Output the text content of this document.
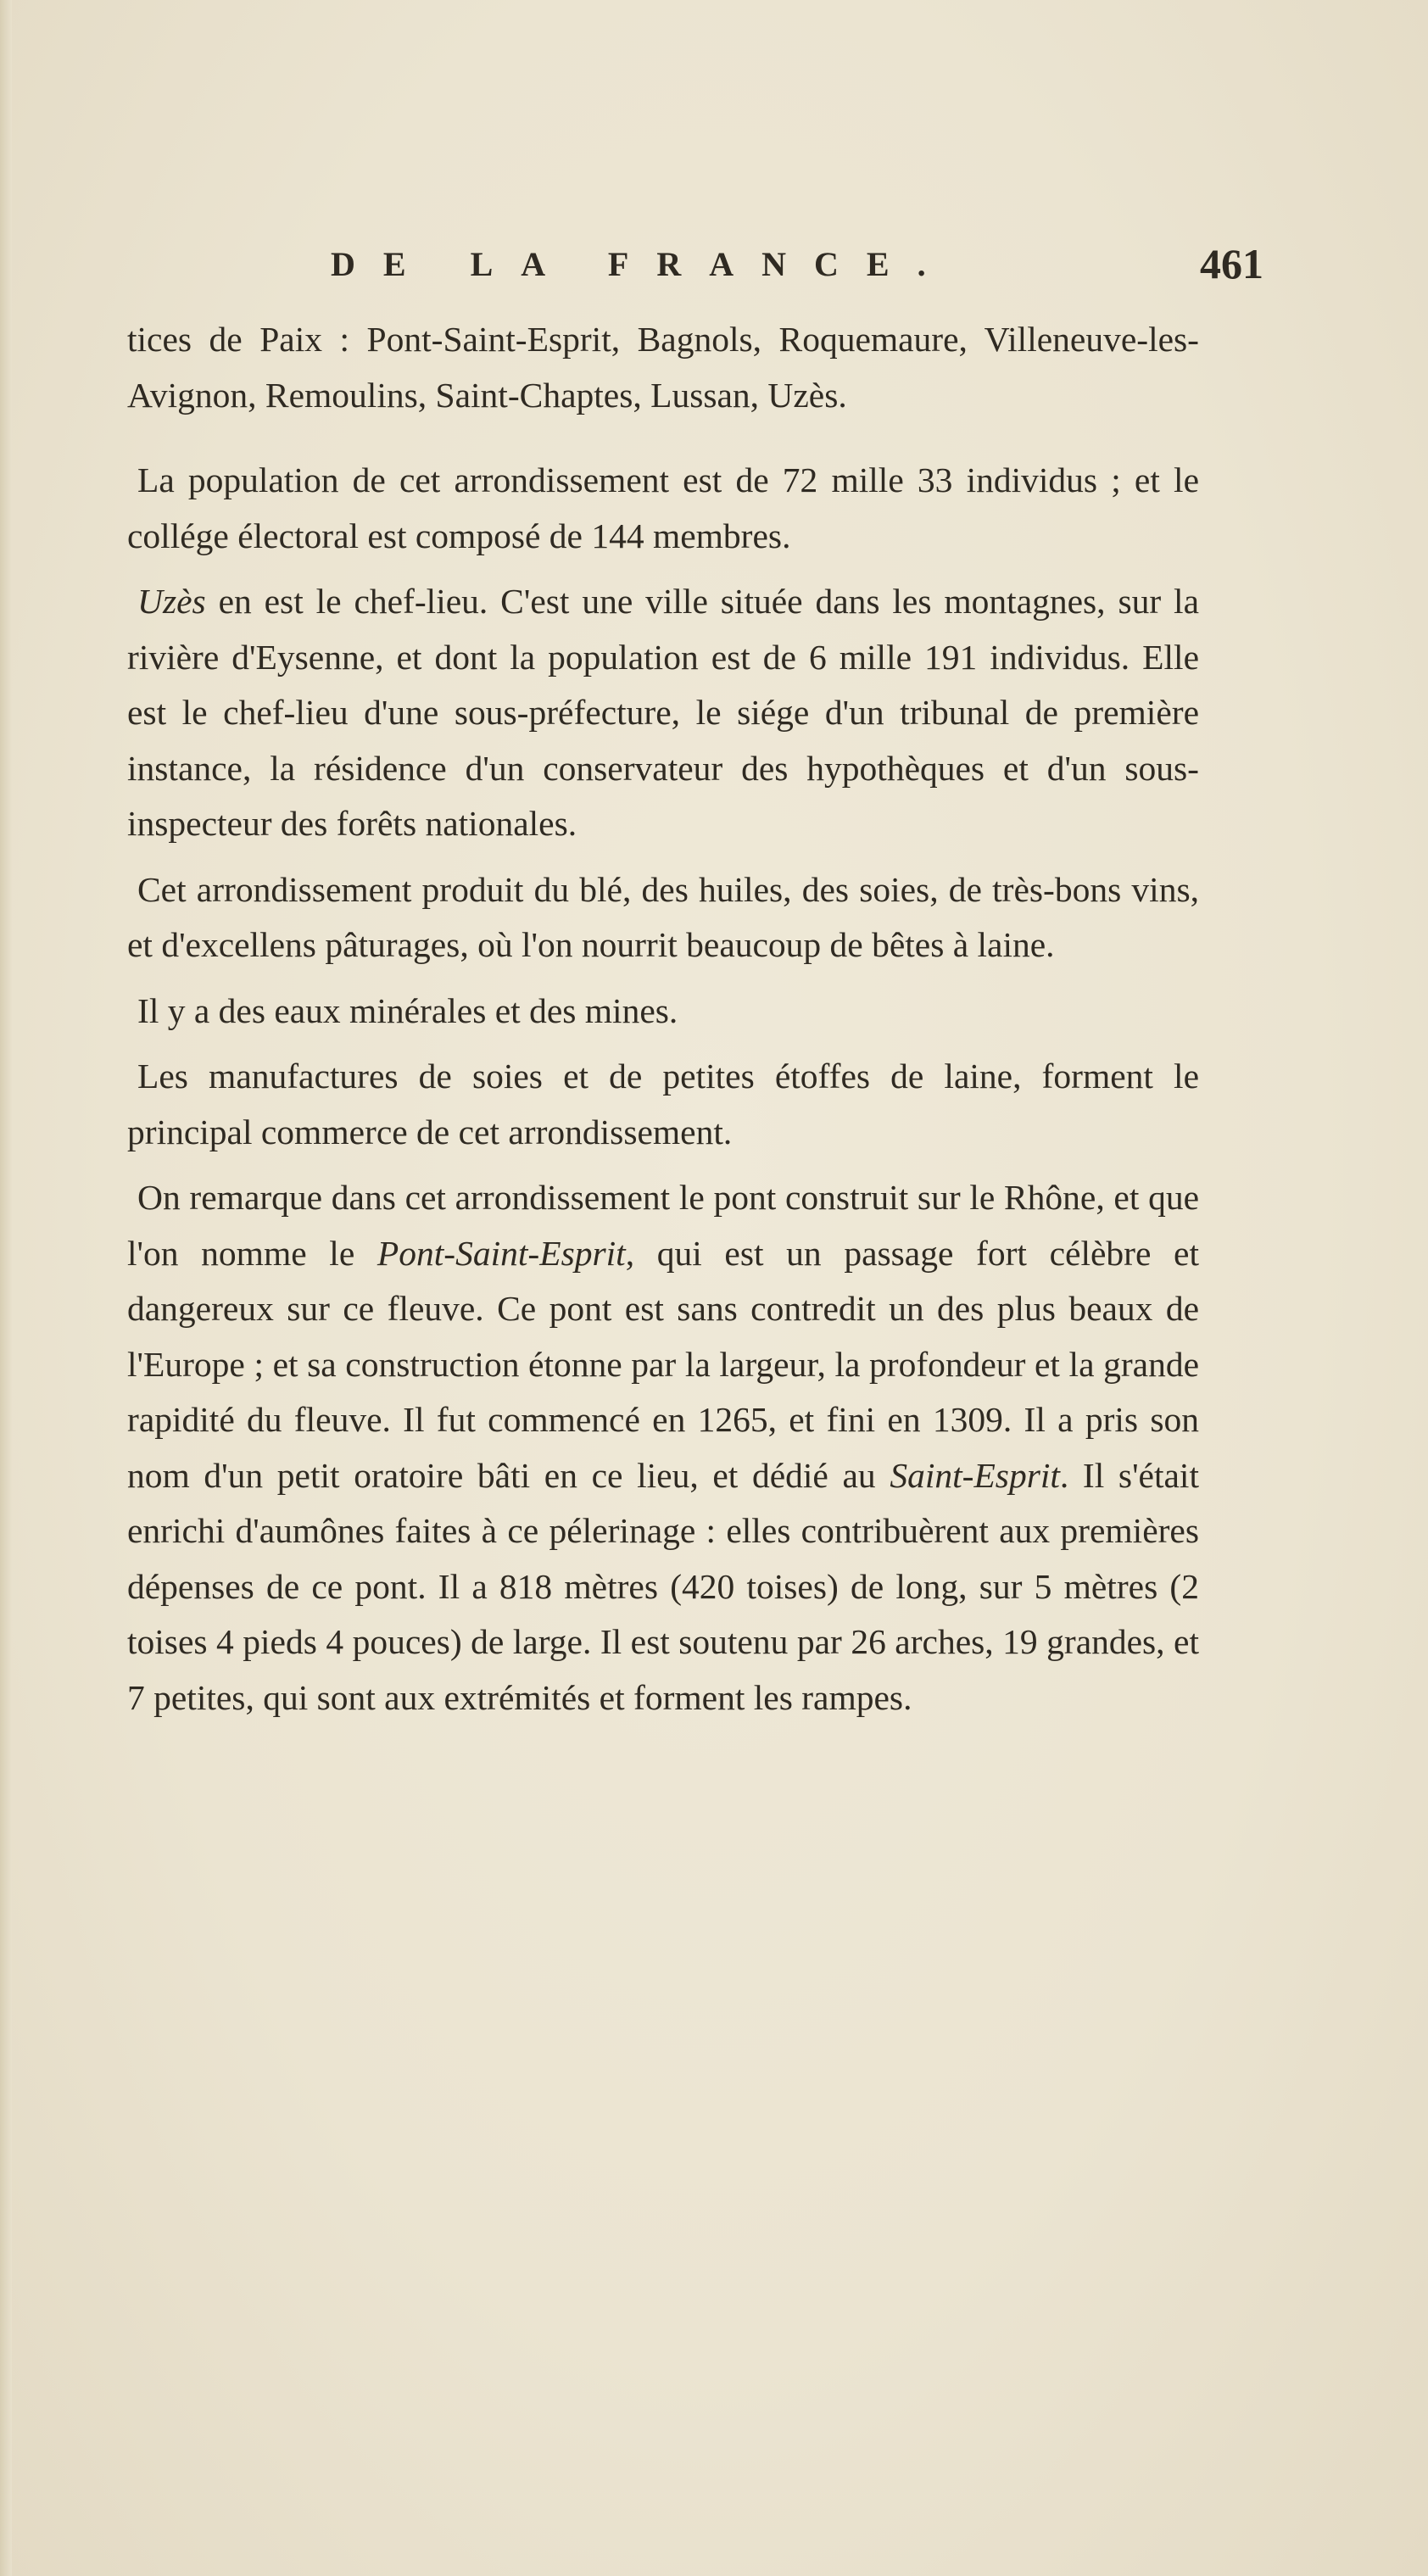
DE LA FRANCE.	461

tices de Paix : Pont-Saint-Esprit, Bagnols, Roquemaure, Villeneuve-les-Avignon, Remoulins, Saint-Chaptes, Lussan, Uzès.

La population de cet arrondissement est de 72 mille 33 individus ; et le collége électoral est composé de 144 membres.

Uzès en est le chef-lieu. C'est une ville située dans les montagnes, sur la rivière d'Eysenne, et dont la population est de 6 mille 191 individus. Elle est le chef-lieu d'une sous-préfecture, le siége d'un tribunal de première instance, la résidence d'un conservateur des hypothèques et d'un sous-inspecteur des forêts nationales.

Cet arrondissement produit du blé, des huiles, des soies, de très-bons vins, et d'excellens pâturages, où l'on nourrit beaucoup de bêtes à laine.

Il y a des eaux minérales et des mines.

Les manufactures de soies et de petites étoffes de laine, forment le principal commerce de cet arrondissement.

On remarque dans cet arrondissement le pont construit sur le Rhône, et que l'on nomme le Pont-Saint-Esprit, qui est un passage fort célèbre et dangereux sur ce fleuve. Ce pont est sans contredit un des plus beaux de l'Europe ; et sa construction étonne par la largeur, la profondeur et la grande rapidité du fleuve. Il fut commencé en 1265, et fini en 1309. Il a pris son nom d'un petit oratoire bâti en ce lieu, et dédié au Saint-Esprit. Il s'était enrichi d'aumônes faites à ce pélerinage : elles contribuèrent aux premières dépenses de ce pont. Il a 818 mètres (420 toises) de long, sur 5 mètres (2 toises 4 pieds 4 pouces) de large. Il est soutenu par 26 arches, 19 grandes, et 7 petites, qui sont aux extrémités et forment les rampes.
